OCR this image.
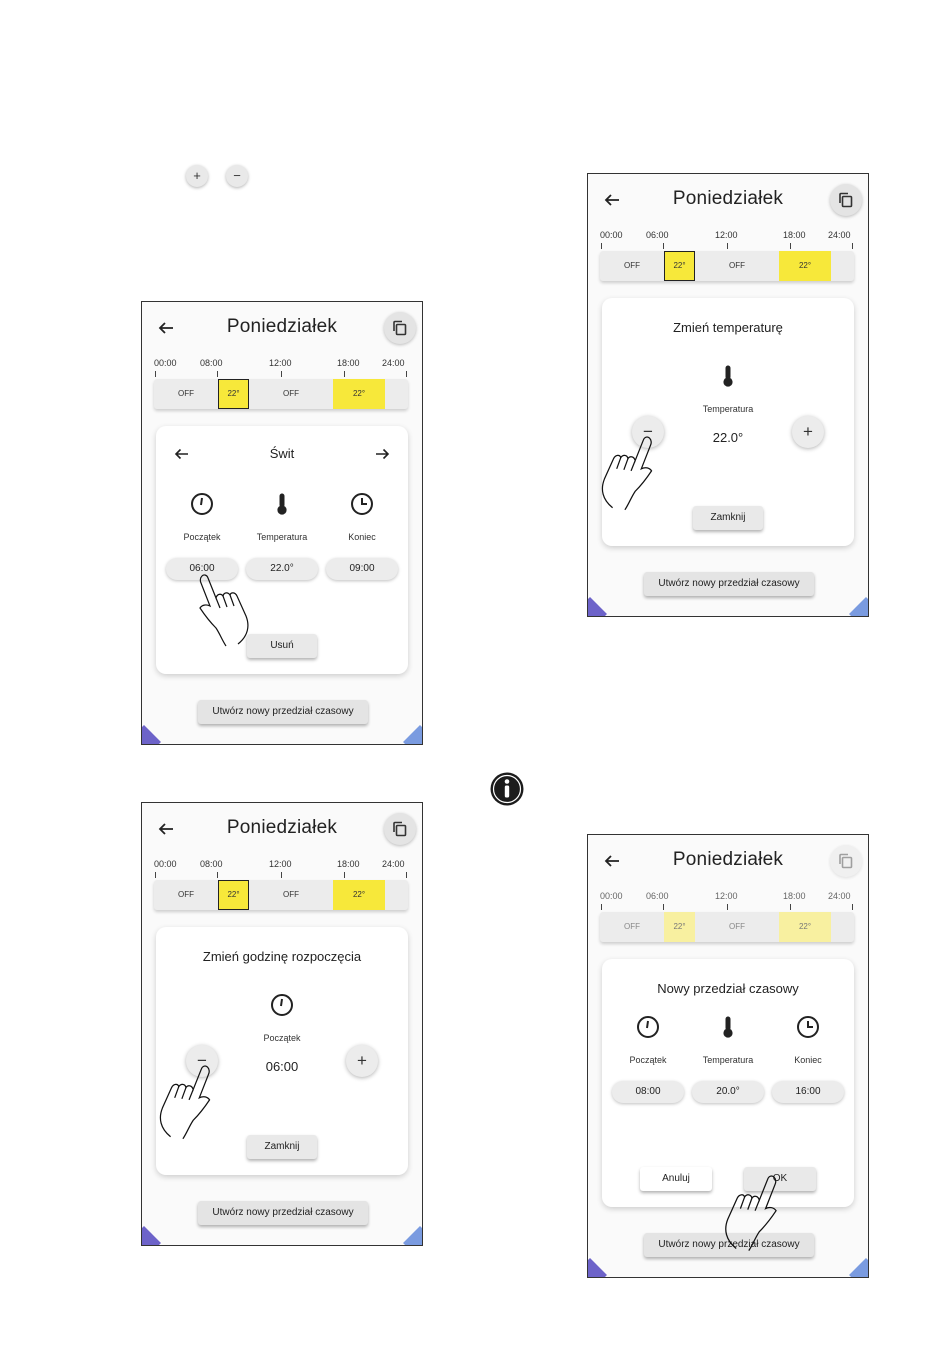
+	−
Poniedziałek
00:00	08:00	12:00	18:00 24:00
OFF	22°	OFF	22°
Świt
Początek	Temperatura	Koniec
06:00	22.0°	09:00
Usuń
Utwórz nowy przedział czasowy
Poniedziałek
00:00	06:00	12:00	18:00 24:00
OFF	22°	OFF	22°
Zmień temperaturę
Temperatura
−	22.0°	+
Zamknij
Utwórz nowy przedział czasowy
Poniedziałek
00:00	08:00	12:00	18:00 24:00
OFF	22°	OFF	22°
Zmień godzinę rozpoczęcia
Początek
−	06:00	+
Zamknij
Utwórz nowy przedział czasowy
Poniedziałek
00:00	06:00	12:00	18:00 24:00
OFF	22°	OFF	22°
Nowy przedział czasowy
Początek	Temperatura	Koniec
08:00	20.0°	16:00
Anuluj	OK
Utwórz nowy przedział czasowy
